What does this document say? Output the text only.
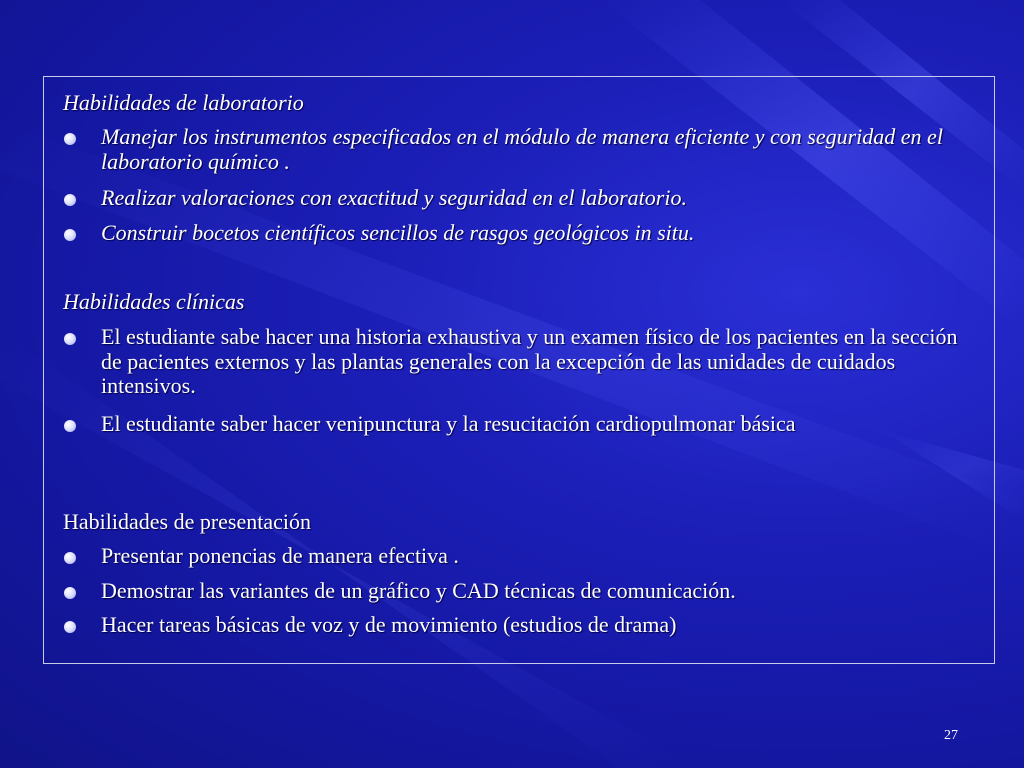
Habilidades de laboratorio
Manejar los instrumentos especificados en el módulo de manera eficiente y con seguridad en el laboratorio químico .
Realizar valoraciones con exactitud y seguridad en el laboratorio.
Construir bocetos científicos sencillos de rasgos geológicos in situ.
Habilidades clínicas
El estudiante sabe hacer una historia exhaustiva y un examen físico de los pacientes en la sección de pacientes externos y las plantas generales con la excepción de las unidades de cuidados intensivos.
El estudiante saber hacer venipunctura y la resucitación cardiopulmonar básica
Habilidades de presentación
Presentar ponencias de manera efectiva .
Demostrar las variantes de un gráfico y CAD técnicas de comunicación.
Hacer tareas básicas de voz y de movimiento (estudios de drama)
27
